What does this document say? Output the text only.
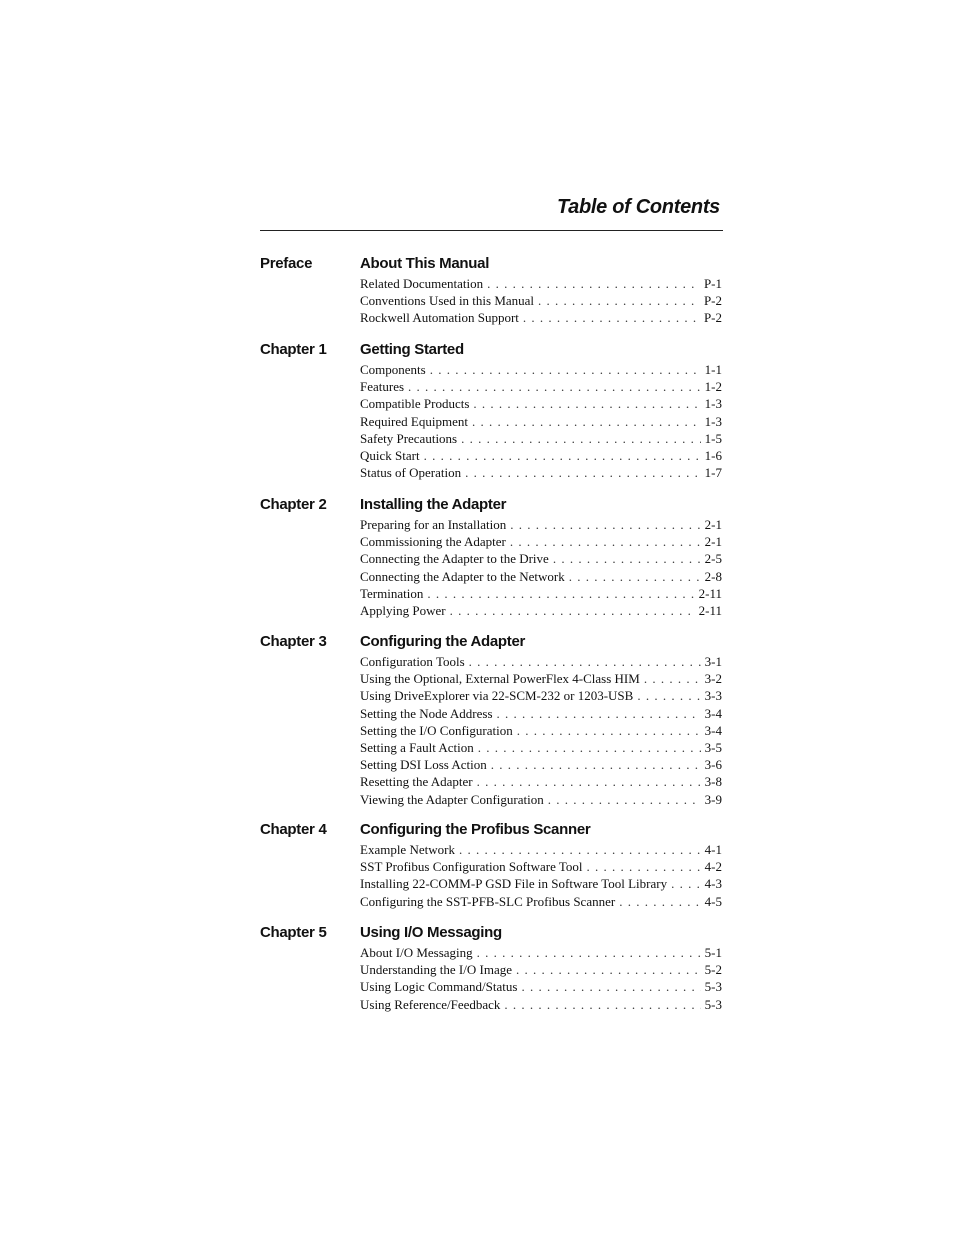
Table of Contents
Preface	About This Manual
Related Documentation . . .	P-1
Conventions Used in this Manual . . .	P-2
Rockwell Automation Support . . .	P-2
Chapter 1 Getting Started
Components . . .	1-1
Features . . .	1-2
Compatible Products . . .	1-3
Required Equipment . . .	1-3
Safety Precautions . . .	1-5
Quick Start . . .	1-6
Status of Operation . . .	1-7
Chapter 2 Installing the Adapter
Preparing for an Installation . . .	2-1
Commissioning the Adapter . . .	2-1
Connecting the Adapter to the Drive . . .	2-5
Connecting the Adapter to the Network . . .	2-8
Termination . . .	2-11
Applying Power . . .	2-11
Chapter 3 Configuring the Adapter
Configuration Tools . . .	3-1
Using the Optional, External PowerFlex 4-Class HIM . . .	3-2
Using DriveExplorer via 22-SCM-232 or 1203-USB . . .	3-3
Setting the Node Address . . .	3-4
Setting the I/O Configuration . . .	3-4
Setting a Fault Action . . .	3-5
Setting DSI Loss Action . . .	3-6
Resetting the Adapter . . .	3-8
Viewing the Adapter Configuration . . .	3-9
Chapter 4 Configuring the Profibus Scanner
Example Network . . .	4-1
SST Profibus Configuration Software Tool . . .	4-2
Installing 22-COMM-P GSD File in Software Tool Library . . .	4-3
Configuring the SST-PFB-SLC Profibus Scanner . . .	4-5
Chapter 5 Using I/O Messaging
About I/O Messaging . . .	5-1
Understanding the I/O Image . . .	5-2
Using Logic Command/Status . . .	5-3
Using Reference/Feedback . . .	5-3
